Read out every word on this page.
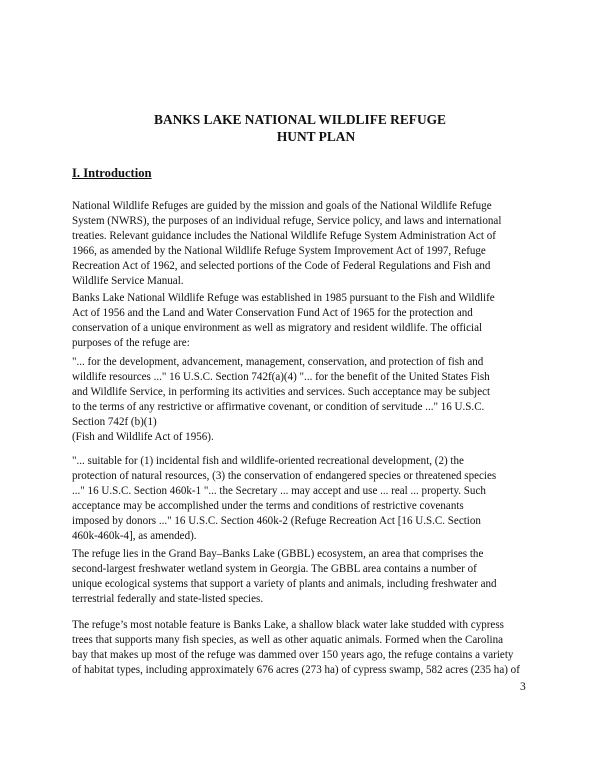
BANKS LAKE NATIONAL WILDLIFE REFUGE
HUNT PLAN
I. Introduction

National Wildlife Refuges are guided by the mission and goals of the National Wildlife Refuge
System (NWRS), the purposes of an individual refuge, Service policy, and laws and international
treaties. Relevant guidance includes the National Wildlife Refuge System Administration Act of
1966, as amended by the National Wildlife Refuge System Improvement Act of 1997, Refuge
Recreation Act of 1962, and selected portions of the Code of Federal Regulations and Fish and
Wildlife Service Manual.

Banks Lake National Wildlife Refuge was established in 1985 pursuant to the Fish and Wildlife
Act of 1956 and the Land and Water Conservation Fund Act of 1965 for the protection and
conservation of a unique environment as well as migratory and resident wildlife. The official
purposes of the refuge are:

"... for the development, advancement, management, conservation, and protection of fish and
wildlife resources ..." 16 U.S.C. Section 742f(a)(4) "... for the benefit of the United States Fish
and Wildlife Service, in performing its activities and services. Such acceptance may be subject
to the terms of any restrictive or affirmative covenant, or condition of servitude ..." 16 U.S.C.
Section 742f (b)(1)
(Fish and Wildlife Act of 1956).

"... suitable for (1) incidental fish and wildlife-oriented recreational development, (2) the
protection of natural resources, (3) the conservation of endangered species or threatened species
..." 16 U.S.C. Section 460k-1 "... the Secretary ... may accept and use ... real ... property. Such
acceptance may be accomplished under the terms and conditions of restrictive covenants
imposed by donors ..." 16 U.S.C. Section 460k-2 (Refuge Recreation Act [16 U.S.C. Section
460k-460k-4], as amended).

The refuge lies in the Grand Bay–Banks Lake (GBBL) ecosystem, an area that comprises the
second-largest freshwater wetland system in Georgia. The GBBL area contains a number of
unique ecological systems that support a variety of plants and animals, including freshwater and
terrestrial federally and state-listed species.

The refuge’s most notable feature is Banks Lake, a shallow black water lake studded with cypress
trees that supports many fish species, as well as other aquatic animals. Formed when the Carolina
bay that makes up most of the refuge was dammed over 150 years ago, the refuge contains a variety
of habitat types, including approximately 676 acres (273 ha) of cypress swamp, 582 acres (235 ha) of

3
